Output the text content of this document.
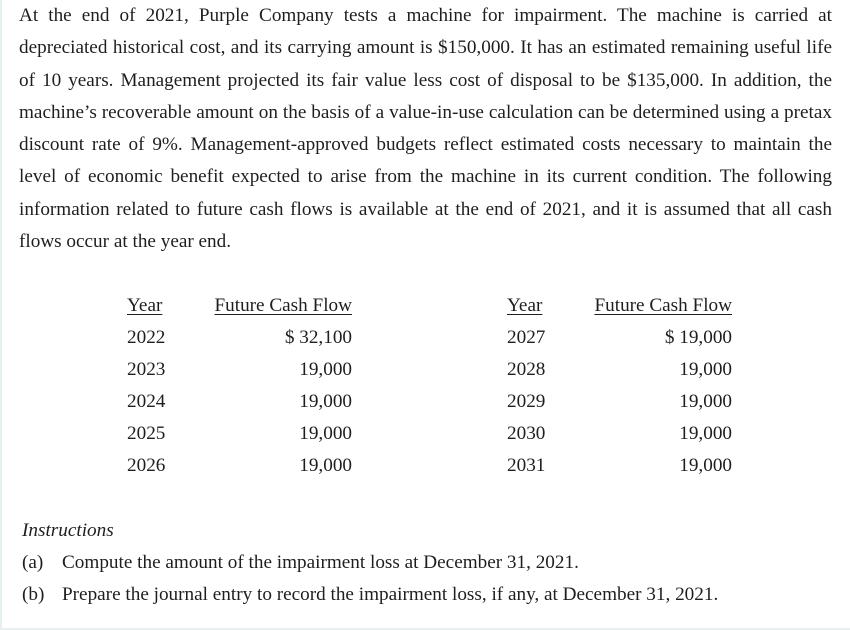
At the end of 2021, Purple Company tests a machine for impairment. The machine is carried at depreciated historical cost, and its carrying amount is $150,000. It has an estimated remaining useful life of 10 years. Management projected its fair value less cost of disposal to be $135,000. In addition, the machine’s recoverable amount on the basis of a value-in-use calculation can be determined using a pretax discount rate of 9%. Management-approved budgets reflect estimated costs necessary to maintain the level of economic benefit expected to arise from the machine in its current condition. The following information related to future cash flows is available at the end of 2021, and it is assumed that all cash flows occur at the year end.

Year	Future Cash Flow
2022	$ 32,100
2023	19,000
2024	19,000
2025	19,000
2026	19,000
Year	Future Cash Flow
2027	$ 19,000
2028	19,000
2029	19,000
2030	19,000
2031	19,000
Instructions
(a) Compute the amount of the impairment loss at December 31, 2021.
(b) Prepare the journal entry to record the impairment loss, if any, at December 31, 2021.
